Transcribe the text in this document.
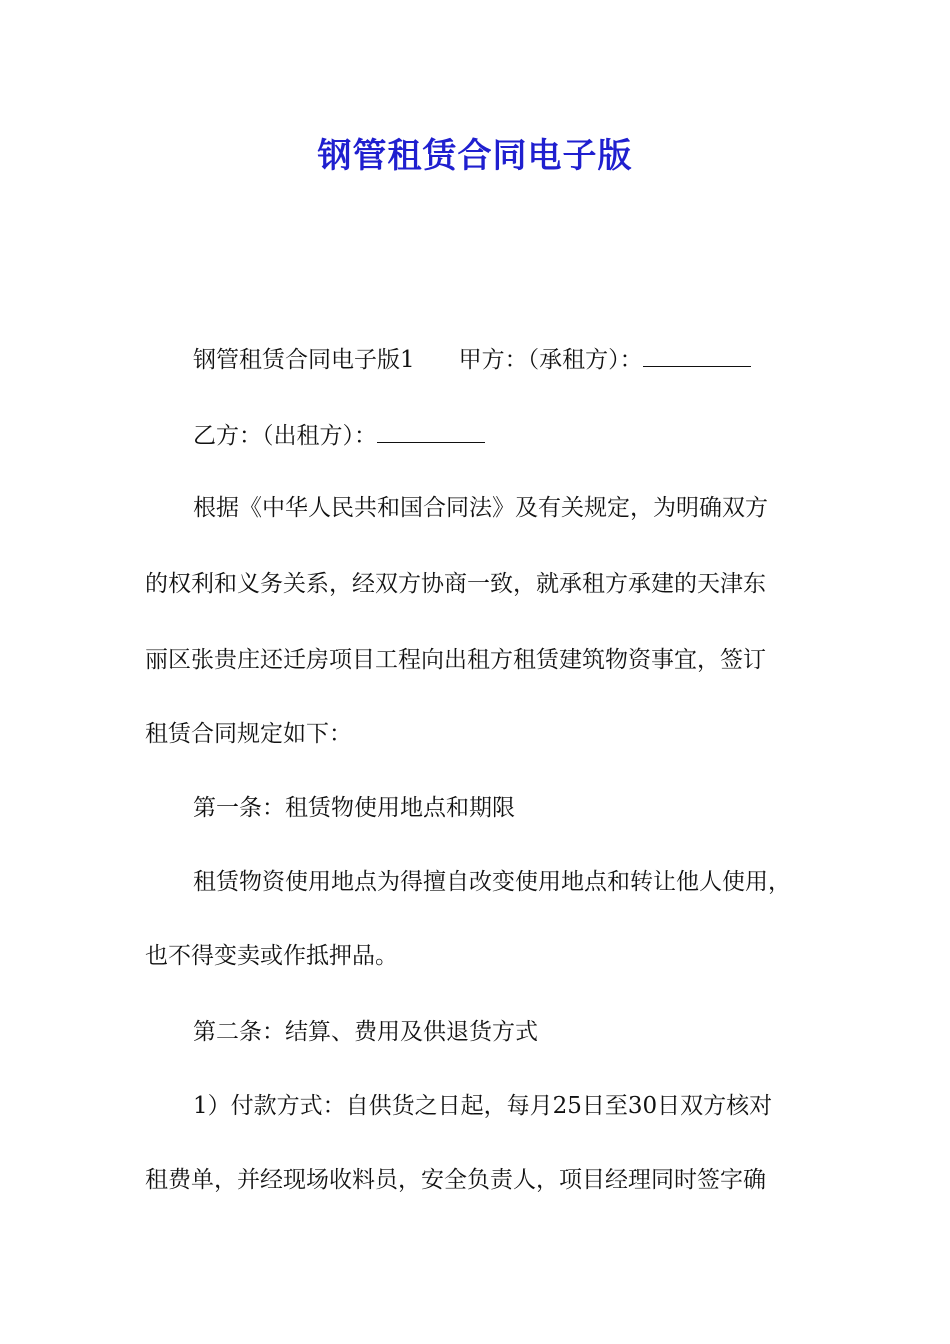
钢管租赁合同电子版

钢管租赁合同电子版1 甲方：（承租方）：

乙方：（出租方）：

根据《中华人民共和国合同法》及有关规定，为明确双方

的权利和义务关系，经双方协商一致，就承租方承建的天津东

丽区张贵庄还迁房项目工程向出租方租赁建筑物资事宜，签订

租赁合同规定如下：

第一条：租赁物使用地点和期限

租赁物资使用地点为得擅自改变使用地点和转让他人使用，

也不得变卖或作抵押品。

第二条：结算、费用及供退货方式

1）付款方式：自供货之日起，每月25日至30日双方核对

租费单，并经现场收料员，安全负责人，项目经理同时签字确
